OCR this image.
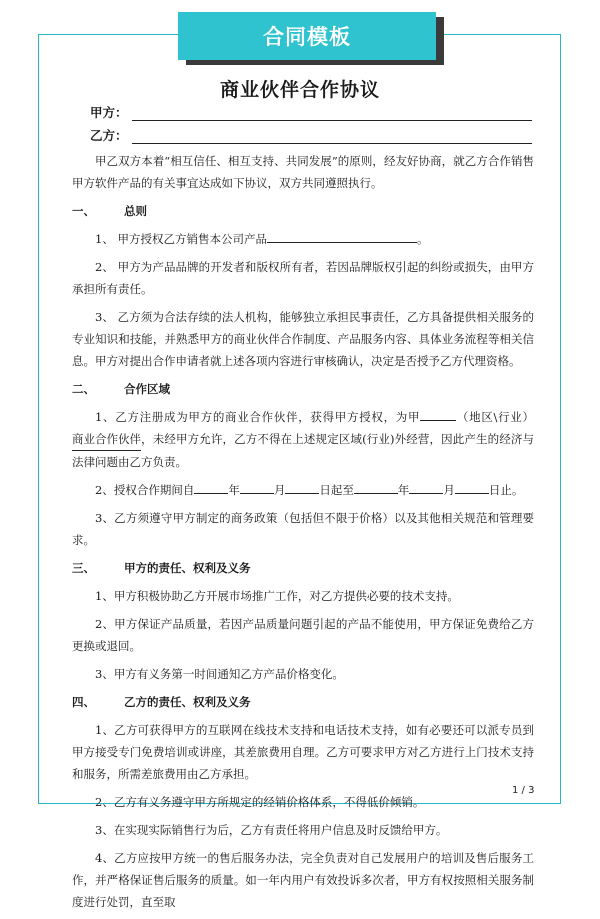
合同模板
商业伙伴合作协议
甲方：
乙方：

甲乙双方本着“相互信任、相互支持、共同发展”的原则，经友好协商，就乙方合作销售甲方软件产品的有关事宜达成如下协议，双方共同遵照执行。

一、	总则

1、 甲方授权乙方销售本公司产品	。

2、 甲方为产品品牌的开发者和版权所有者，若因品牌版权引起的纠纷或损失，由甲方承担所有责任。

3、 乙方须为合法存续的法人机构，能够独立承担民事责任，乙方具备提供相关服务的专业知识和技能，并熟悉甲方的商业伙伴合作制度、产品服务内容、具体业务流程等相关信息。甲方对提出合作申请者就上述各项内容进行审核确认，决定是否授予乙方代理资格。

二、	合作区域

1、乙方注册成为甲方的商业合作伙伴，获得甲方授权，为甲	（地区\行业）商业合作伙伴，未经甲方允许，乙方不得在上述规定区域(行业)外经营，因此产生的经济与法律问题由乙方负责。

2、授权合作期间自	年	月	日起至	年	月	日止。

3、乙方须遵守甲方制定的商务政策（包括但不限于价格）以及其他相关规范和管理要求。

三、	甲方的责任、权利及义务

1、甲方积极协助乙方开展市场推广工作，对乙方提供必要的技术支持。

2、甲方保证产品质量，若因产品质量问题引起的产品不能使用，甲方保证免费给乙方更换或退回。

3、甲方有义务第一时间通知乙方产品价格变化。

四、	乙方的责任、权利及义务

1、乙方可获得甲方的互联网在线技术支持和电话技术支持，如有必要还可以派专员到甲方接受专门免费培训或讲座，其差旅费用自理。乙方可要求甲方对乙方进行上门技术支持和服务，所需差旅费用由乙方承担。

2、乙方有义务遵守甲方所规定的经销价格体系，不得低价倾销。

3、在实现实际销售行为后，乙方有责任将用户信息及时反馈给甲方。

4、乙方应按甲方统一的售后服务办法，完全负责对自己发展用户的培训及售后服务工作，并严格保证售后服务的质量。如一年内用户有效投诉多次者，甲方有权按照相关服务制度进行处罚，直至取

1 / 3
